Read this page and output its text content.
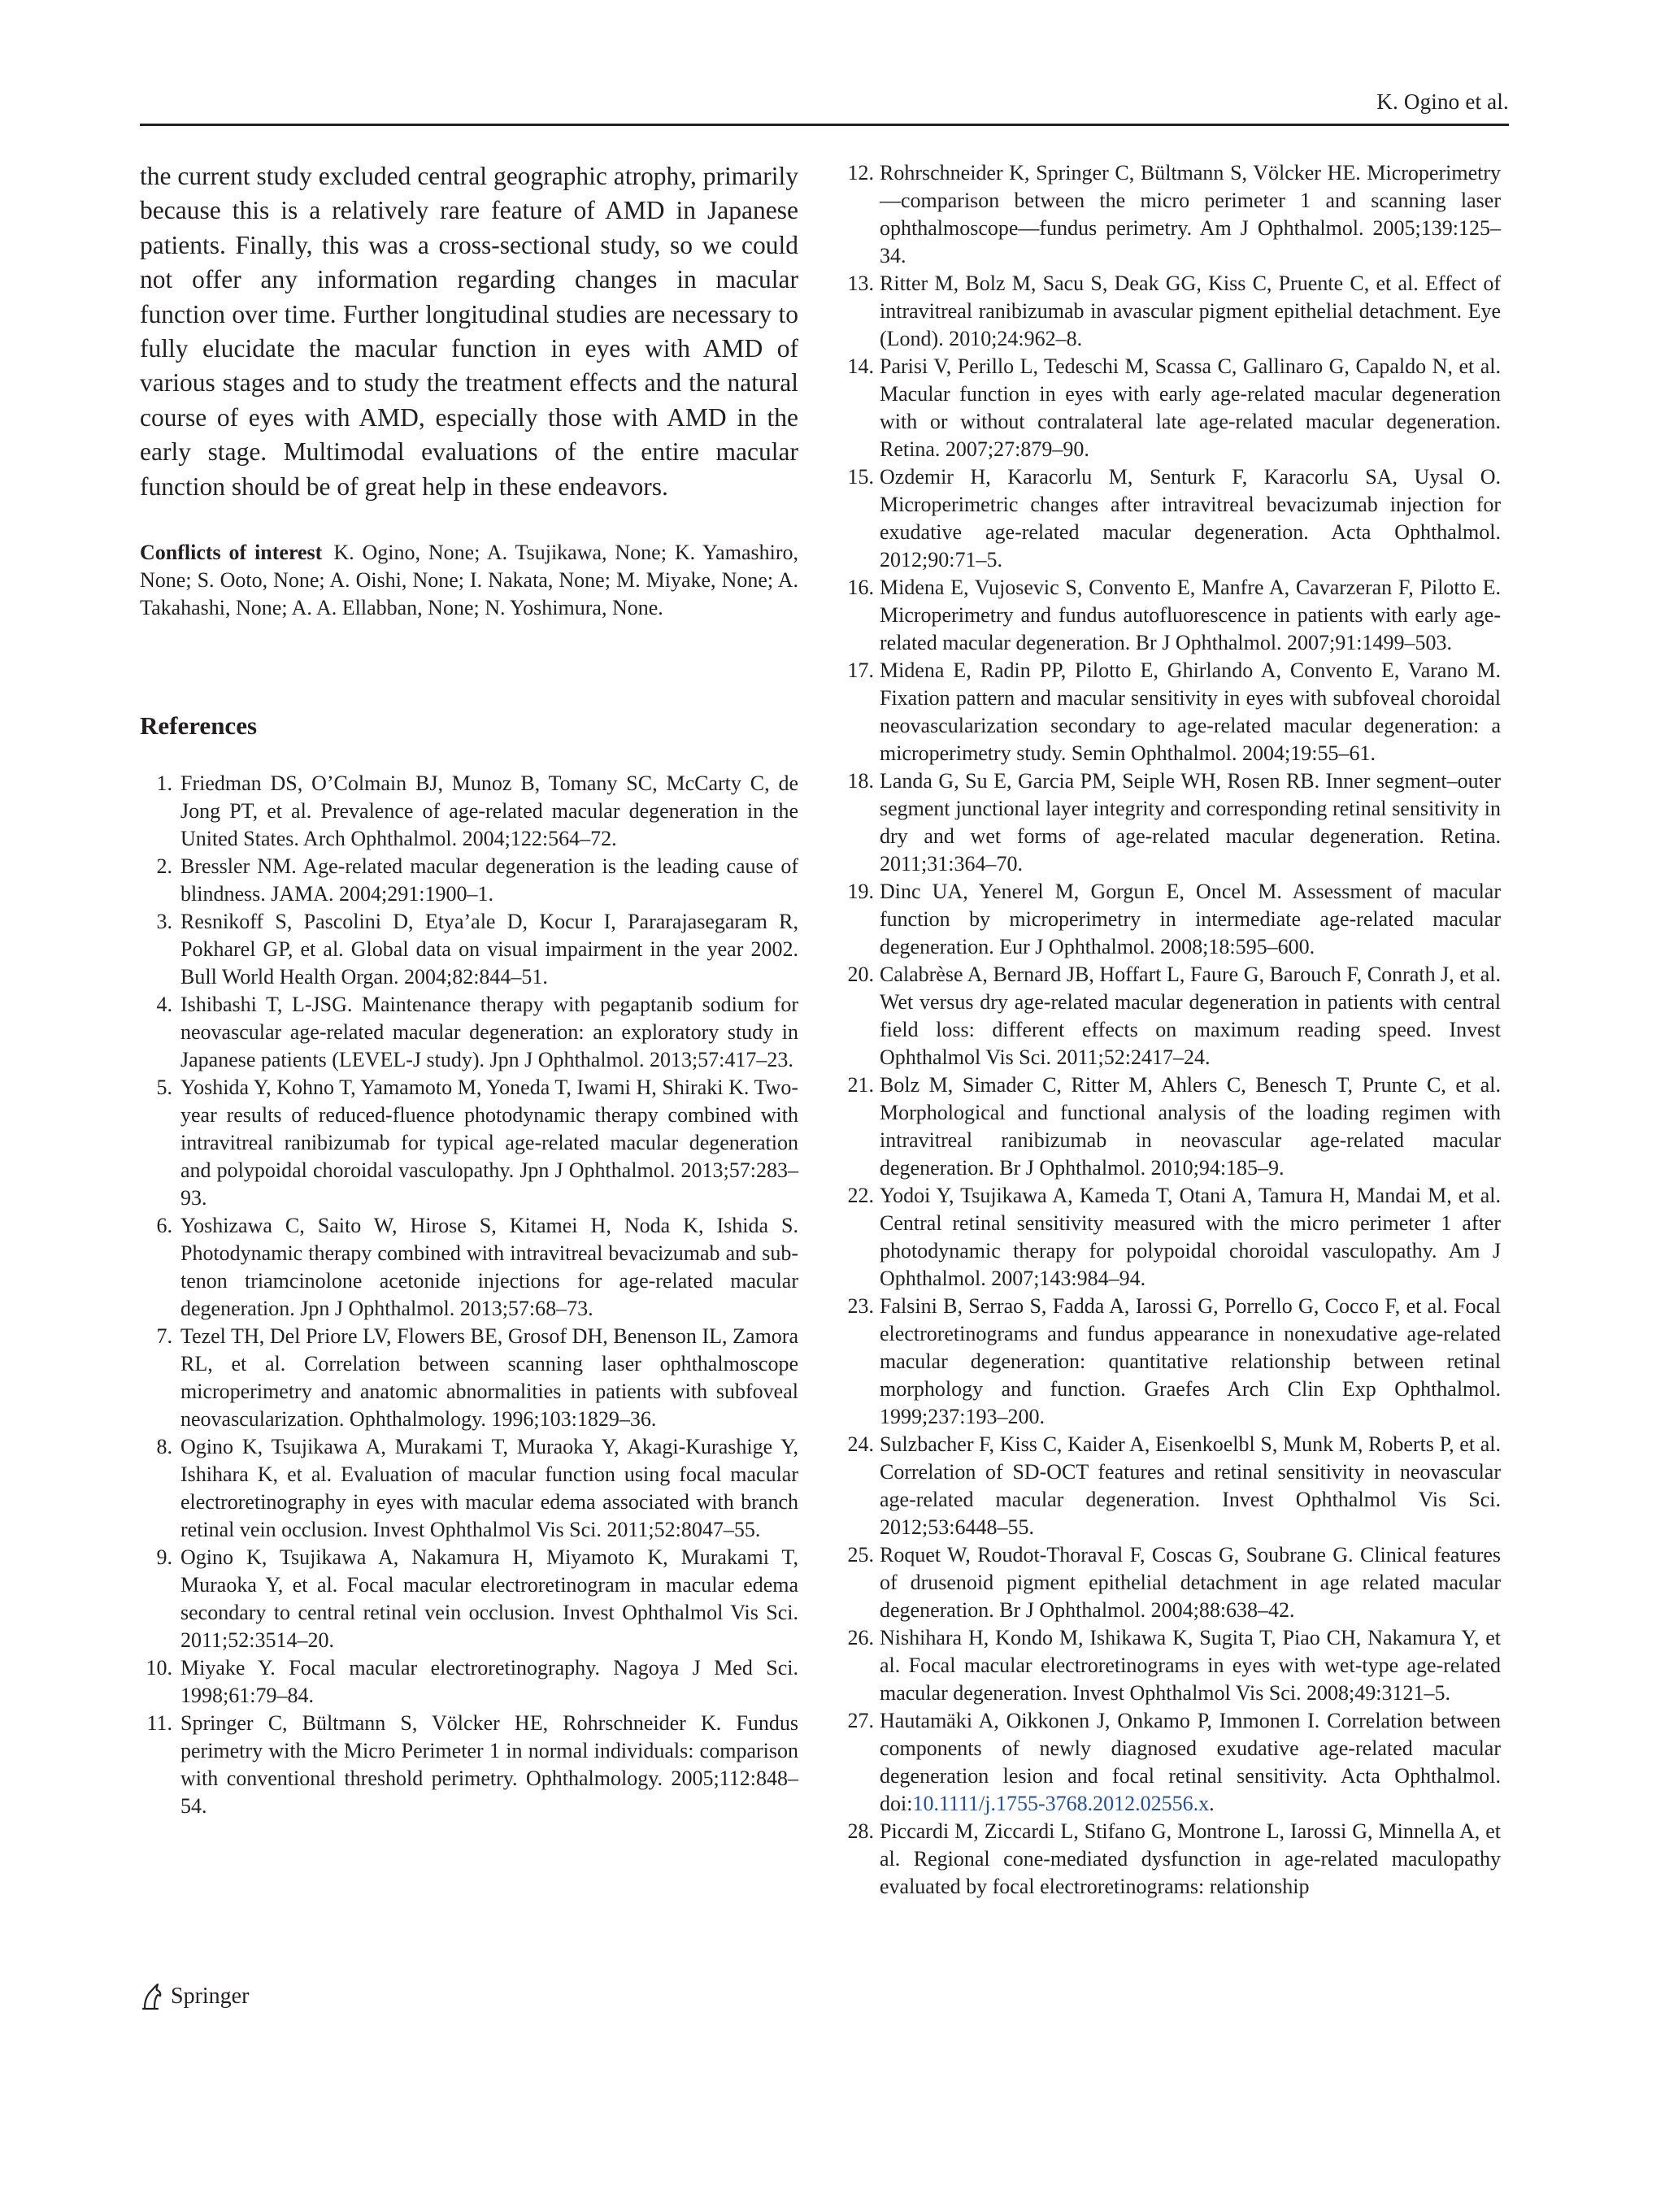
K. Ogino et al.

the current study excluded central geographic atrophy, primarily because this is a relatively rare feature of AMD in Japanese patients. Finally, this was a cross-sectional study, so we could not offer any information regarding changes in macular function over time. Further longitudinal studies are necessary to fully elucidate the macular function in eyes with AMD of various stages and to study the treatment effects and the natural course of eyes with AMD, especially those with AMD in the early stage. Multimodal evaluations of the entire macular function should be of great help in these endeavors.

Conflicts of interest K. Ogino, None; A. Tsujikawa, None; K. Yamashiro, None; S. Ooto, None; A. Oishi, None; I. Nakata, None; M. Miyake, None; A. Takahashi, None; A. A. Ellabban, None; N. Yoshimura, None.

References
1. Friedman DS, O’Colmain BJ, Munoz B, Tomany SC, McCarty C, de Jong PT, et al. Prevalence of age-related macular degeneration in the United States. Arch Ophthalmol. 2004;122:564–72.
2. Bressler NM. Age-related macular degeneration is the leading cause of blindness. JAMA. 2004;291:1900–1.
3. Resnikoff S, Pascolini D, Etya’ale D, Kocur I, Pararajasegaram R, Pokharel GP, et al. Global data on visual impairment in the year 2002. Bull World Health Organ. 2004;82:844–51.
4. Ishibashi T, L-JSG. Maintenance therapy with pegaptanib sodium for neovascular age-related macular degeneration: an exploratory study in Japanese patients (LEVEL-J study). Jpn J Ophthalmol. 2013;57:417–23.
5. Yoshida Y, Kohno T, Yamamoto M, Yoneda T, Iwami H, Shiraki K. Two-year results of reduced-fluence photodynamic therapy combined with intravitreal ranibizumab for typical age-related macular degeneration and polypoidal choroidal vasculopathy. Jpn J Ophthalmol. 2013;57:283–93.
6. Yoshizawa C, Saito W, Hirose S, Kitamei H, Noda K, Ishida S. Photodynamic therapy combined with intravitreal bevacizumab and sub-tenon triamcinolone acetonide injections for age-related macular degeneration. Jpn J Ophthalmol. 2013;57:68–73.
7. Tezel TH, Del Priore LV, Flowers BE, Grosof DH, Benenson IL, Zamora RL, et al. Correlation between scanning laser ophthalmoscope microperimetry and anatomic abnormalities in patients with subfoveal neovascularization. Ophthalmology. 1996;103:1829–36.
8. Ogino K, Tsujikawa A, Murakami T, Muraoka Y, Akagi-Kurashige Y, Ishihara K, et al. Evaluation of macular function using focal macular electroretinography in eyes with macular edema associated with branch retinal vein occlusion. Invest Ophthalmol Vis Sci. 2011;52:8047–55.
9. Ogino K, Tsujikawa A, Nakamura H, Miyamoto K, Murakami T, Muraoka Y, et al. Focal macular electroretinogram in macular edema secondary to central retinal vein occlusion. Invest Ophthalmol Vis Sci. 2011;52:3514–20.
10. Miyake Y. Focal macular electroretinography. Nagoya J Med Sci. 1998;61:79–84.
11. Springer C, Bültmann S, Völcker HE, Rohrschneider K. Fundus perimetry with the Micro Perimeter 1 in normal individuals: comparison with conventional threshold perimetry. Ophthalmology. 2005;112:848–54.
12. Rohrschneider K, Springer C, Bültmann S, Völcker HE. Microperimetry—comparison between the micro perimeter 1 and scanning laser ophthalmoscope—fundus perimetry. Am J Ophthalmol. 2005;139:125–34.
13. Ritter M, Bolz M, Sacu S, Deak GG, Kiss C, Pruente C, et al. Effect of intravitreal ranibizumab in avascular pigment epithelial detachment. Eye (Lond). 2010;24:962–8.
14. Parisi V, Perillo L, Tedeschi M, Scassa C, Gallinaro G, Capaldo N, et al. Macular function in eyes with early age-related macular degeneration with or without contralateral late age-related macular degeneration. Retina. 2007;27:879–90.
15. Ozdemir H, Karacorlu M, Senturk F, Karacorlu SA, Uysal O. Microperimetric changes after intravitreal bevacizumab injection for exudative age-related macular degeneration. Acta Ophthalmol. 2012;90:71–5.
16. Midena E, Vujosevic S, Convento E, Manfre A, Cavarzeran F, Pilotto E. Microperimetry and fundus autofluorescence in patients with early age-related macular degeneration. Br J Ophthalmol. 2007;91:1499–503.
17. Midena E, Radin PP, Pilotto E, Ghirlando A, Convento E, Varano M. Fixation pattern and macular sensitivity in eyes with subfoveal choroidal neovascularization secondary to age-related macular degeneration: a microperimetry study. Semin Ophthalmol. 2004;19:55–61.
18. Landa G, Su E, Garcia PM, Seiple WH, Rosen RB. Inner segment–outer segment junctional layer integrity and corresponding retinal sensitivity in dry and wet forms of age-related macular degeneration. Retina. 2011;31:364–70.
19. Dinc UA, Yenerel M, Gorgun E, Oncel M. Assessment of macular function by microperimetry in intermediate age-related macular degeneration. Eur J Ophthalmol. 2008;18:595–600.
20. Calabrèse A, Bernard JB, Hoffart L, Faure G, Barouch F, Conrath J, et al. Wet versus dry age-related macular degeneration in patients with central field loss: different effects on maximum reading speed. Invest Ophthalmol Vis Sci. 2011;52:2417–24.
21. Bolz M, Simader C, Ritter M, Ahlers C, Benesch T, Prunte C, et al. Morphological and functional analysis of the loading regimen with intravitreal ranibizumab in neovascular age-related macular degeneration. Br J Ophthalmol. 2010;94:185–9.
22. Yodoi Y, Tsujikawa A, Kameda T, Otani A, Tamura H, Mandai M, et al. Central retinal sensitivity measured with the micro perimeter 1 after photodynamic therapy for polypoidal choroidal vasculopathy. Am J Ophthalmol. 2007;143:984–94.
23. Falsini B, Serrao S, Fadda A, Iarossi G, Porrello G, Cocco F, et al. Focal electroretinograms and fundus appearance in nonexudative age-related macular degeneration: quantitative relationship between retinal morphology and function. Graefes Arch Clin Exp Ophthalmol. 1999;237:193–200.
24. Sulzbacher F, Kiss C, Kaider A, Eisenkoelbl S, Munk M, Roberts P, et al. Correlation of SD-OCT features and retinal sensitivity in neovascular age-related macular degeneration. Invest Ophthalmol Vis Sci. 2012;53:6448–55.
25. Roquet W, Roudot-Thoraval F, Coscas G, Soubrane G. Clinical features of drusenoid pigment epithelial detachment in age related macular degeneration. Br J Ophthalmol. 2004;88:638–42.
26. Nishihara H, Kondo M, Ishikawa K, Sugita T, Piao CH, Nakamura Y, et al. Focal macular electroretinograms in eyes with wet-type age-related macular degeneration. Invest Ophthalmol Vis Sci. 2008;49:3121–5.
27. Hautamäki A, Oikkonen J, Onkamo P, Immonen I. Correlation between components of newly diagnosed exudative age-related macular degeneration lesion and focal retinal sensitivity. Acta Ophthalmol. doi:10.1111/j.1755-3768.2012.02556.x.
28. Piccardi M, Ziccardi L, Stifano G, Montrone L, Iarossi G, Minnella A, et al. Regional cone-mediated dysfunction in age-related maculopathy evaluated by focal electroretinograms: relationship
Springer
